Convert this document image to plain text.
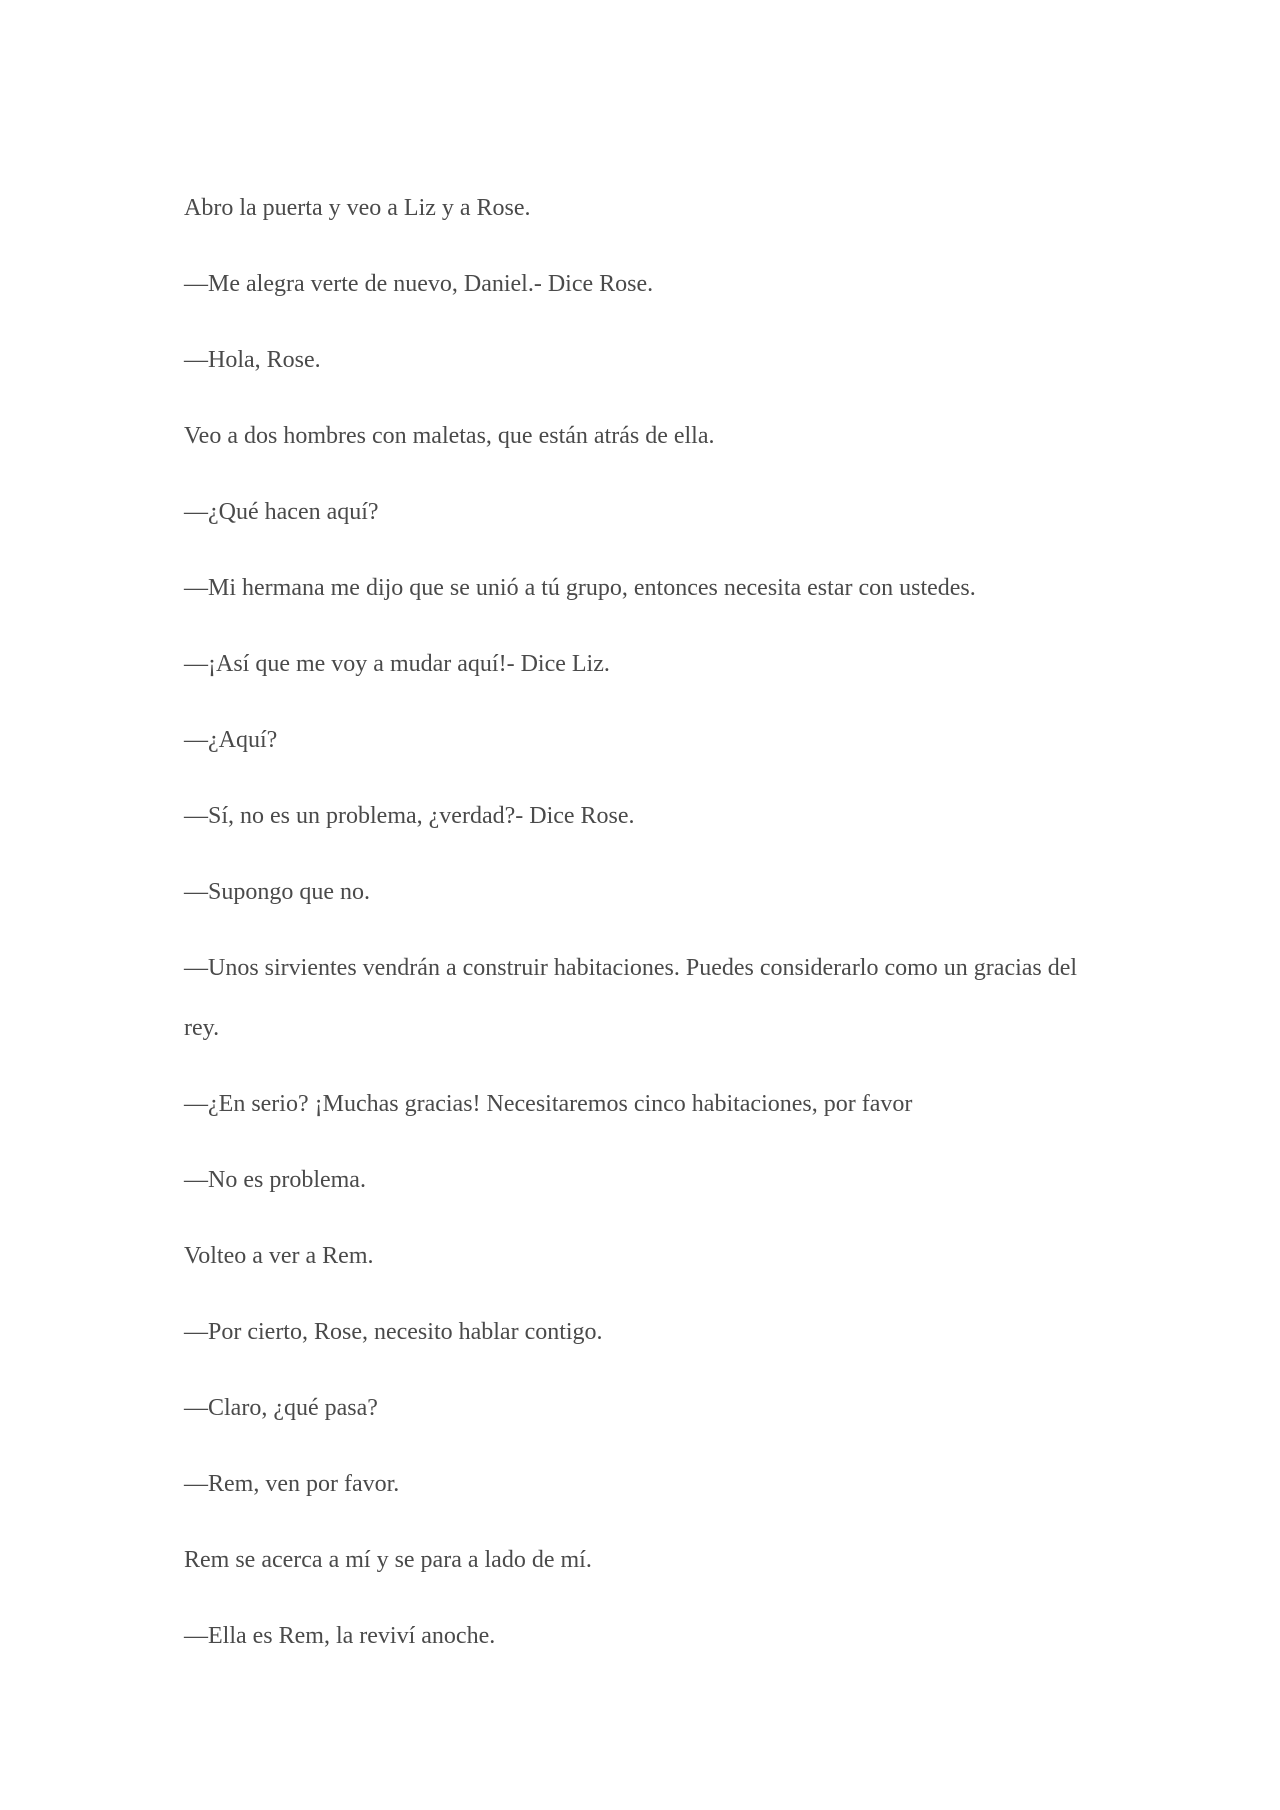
Abro la puerta y veo a Liz y a Rose.

—Me alegra verte de nuevo, Daniel.- Dice Rose.

—Hola, Rose.

Veo a dos hombres con maletas, que están atrás de ella.

—¿Qué hacen aquí?

—Mi hermana me dijo que se unió a tú grupo, entonces necesita estar con ustedes.

—¡Así que me voy a mudar aquí!- Dice Liz.

—¿Aquí?

—Sí, no es un problema, ¿verdad?- Dice Rose.

—Supongo que no.

—Unos sirvientes vendrán a construir habitaciones. Puedes considerarlo como un gracias del rey.

—¿En serio? ¡Muchas gracias! Necesitaremos cinco habitaciones, por favor

—No es problema.

Volteo a ver a Rem.

—Por cierto, Rose, necesito hablar contigo.

—Claro, ¿qué pasa?

—Rem, ven por favor.

Rem se acerca a mí y se para a lado de mí.

—Ella es Rem, la reviví anoche.
